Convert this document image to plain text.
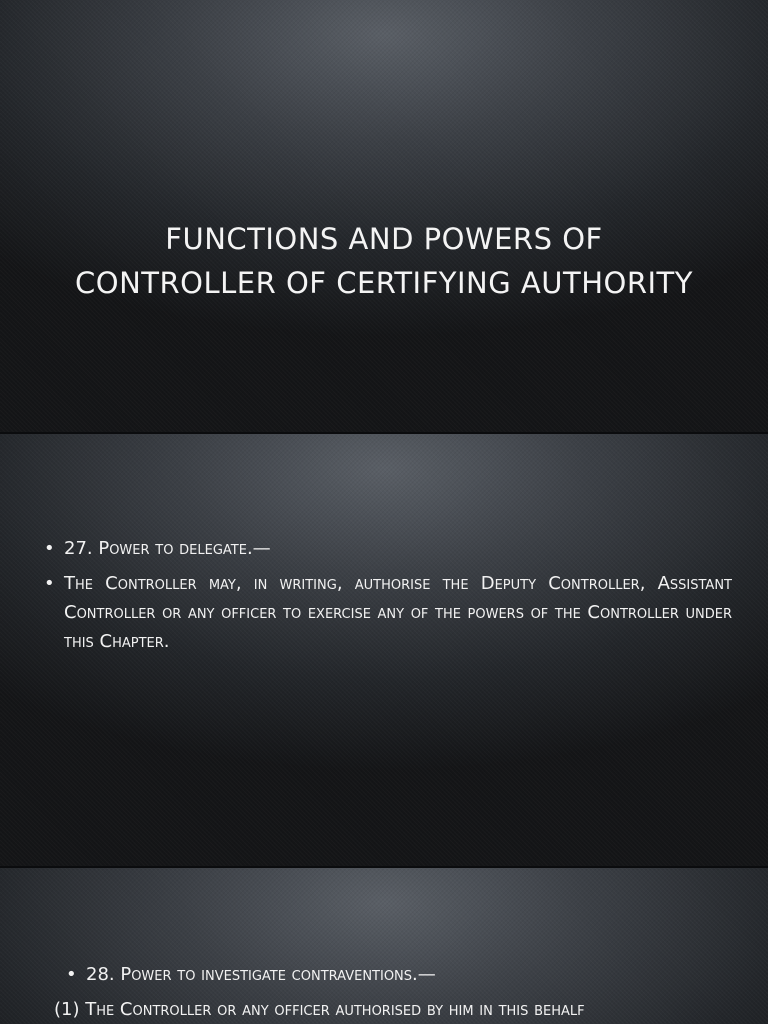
FUNCTIONS AND POWERS OF
CONTROLLER OF CERTIFYING AUTHORITY
• 27. Power to delegate.—
• The Controller may, in writing, authorise the Deputy Controller, Assistant Controller or any officer to exercise any of the powers of the Controller under this Chapter.
• 28. Power to investigate contraventions.—
(1) The Controller or any officer authorised by him in this behalf
